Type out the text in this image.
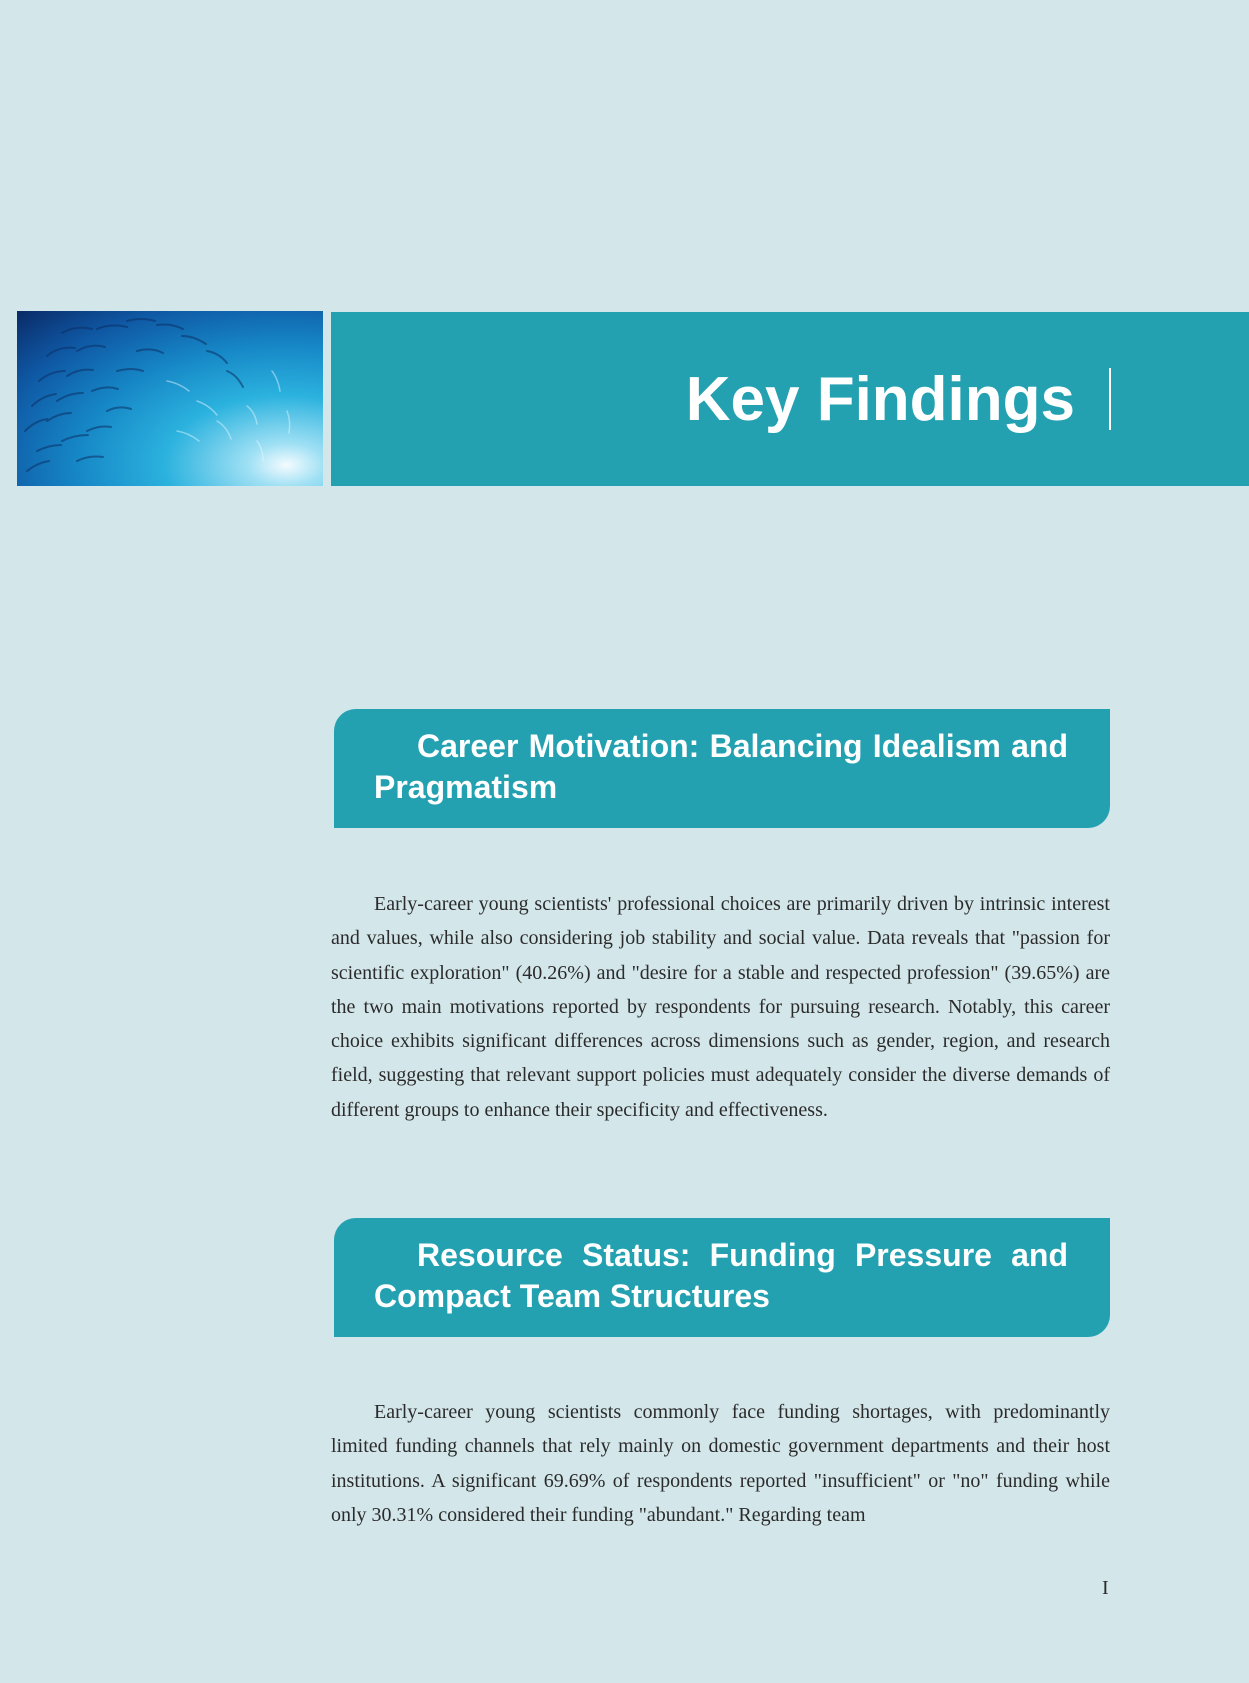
Key Findings
Career Motivation: Balancing Idealism and Pragmatism

Early-career young scientists' professional choices are primarily driven by intrinsic interest and values, while also considering job stability and social value. Data reveals that "passion for scientific exploration" (40.26%) and "desire for a stable and respected profession" (39.65%) are the two main motivations reported by respondents for pursuing research. Notably, this career choice exhibits significant differences across dimensions such as gender, region, and research field, suggesting that relevant support policies must adequately consider the diverse demands of different groups to enhance their specificity and effectiveness.

Resource Status: Funding Pressure and Compact Team Structures

Early-career young scientists commonly face funding shortages, with predominantly limited funding channels that rely mainly on domestic government departments and their host institutions. A significant 69.69% of respondents reported "insufficient" or "no" funding while only 30.31% considered their funding "abundant." Regarding team

I
